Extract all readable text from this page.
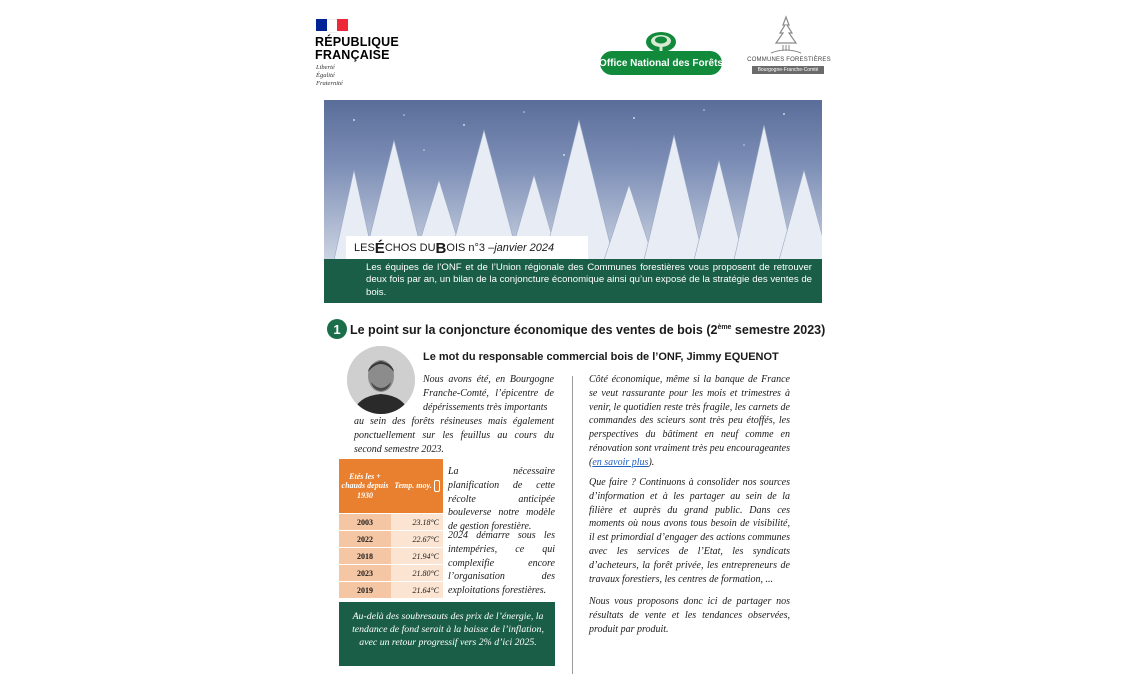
RÉPUBLIQUE
FRANÇAISE
Liberté
Égalité
Fraternité
Office National des Forêts	COMMUNES FORESTIÈRES
Bourgogne-Franche-Comté
LES É CHOS DU B OIS n°3 – janvier 2024
Les équipes de l’ONF et de l’Union régionale des Communes forestières vous proposent de retrouver deux fois par an, un bilan de la conjoncture économique ainsi qu’un exposé de la stratégie des ventes de bois.
1 Le point sur la conjoncture économique des ventes de bois (2ème semestre 2023)
Le mot du responsable commercial bois de l’ONF, Jimmy EQUENOT
Nous avons été, en Bourgogne Franche-Comté, l’épicentre de dépérissements très importants
au sein des forêts résineuses mais également ponctuellement sur les feuillus au cours du second semestre 2023.
Etés les + chauds depuis 1930	Temp. moy.
2003	23.18°C
2022	22.67°C
2018	21.94°C
2023	21.80°C
2019	21.64°C
La nécessaire planification de cette récolte anticipée bouleverse notre modèle de gestion forestière.
2024 démarre sous les intempéries, ce qui complexifie encore l’organisation des exploitations forestières.
Au-delà des soubresauts des prix de l’énergie, la tendance de fond serait à la baisse de l’inflation, avec un retour progressif vers 2% d’ici 2025.
Côté économique, même si la banque de France se veut rassurante pour les mois et trimestres à venir, le quotidien reste très fragile, les carnets de commandes des scieurs sont très peu étoffés, les perspectives du bâtiment en neuf comme en rénovation sont vraiment très peu encourageantes (en savoir plus).
Que faire ? Continuons à consolider nos sources d’information et à les partager au sein de la filière et auprès du grand public. Dans ces moments où nous avons tous besoin de visibilité, il est primordial d’engager des actions communes avec les services de l’Etat, les syndicats d’acheteurs, la forêt privée, les entrepreneurs de travaux forestiers, les centres de formation, ...
Nous vous proposons donc ici de partager nos résultats de vente et les tendances observées, produit par produit.
